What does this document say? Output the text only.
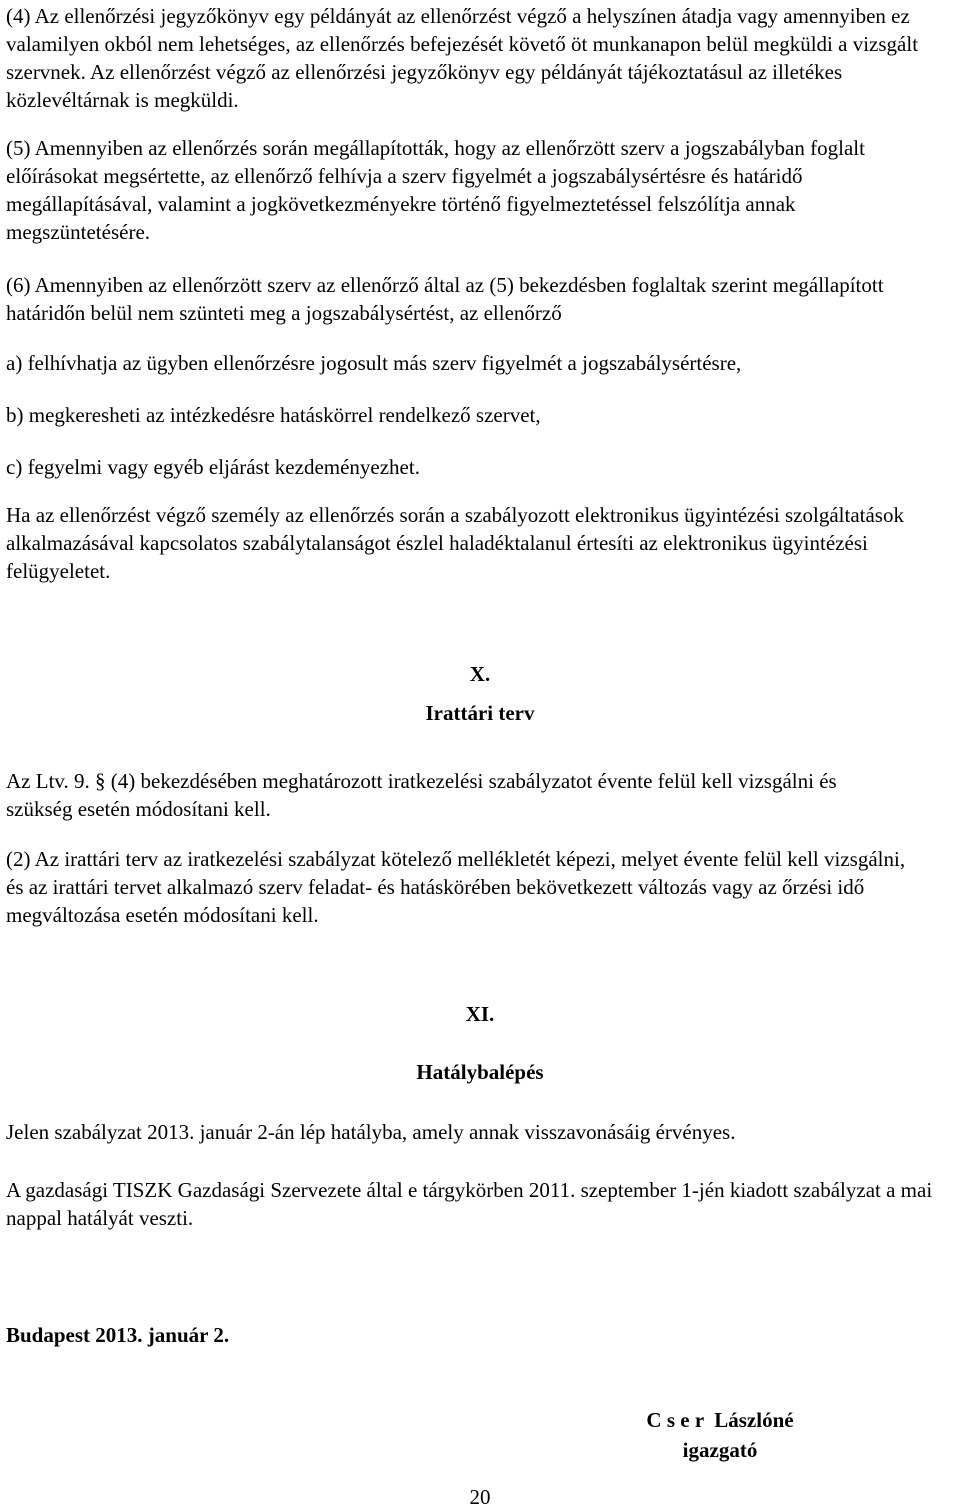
(4) Az ellenőrzési jegyzőkönyv egy példányát az ellenőrzést végző a helyszínen átadja vagy amennyiben ez valamilyen okból nem lehetséges, az ellenőrzés befejezését követő öt munkanapon belül megküldi a vizsgált szervnek. Az ellenőrzést végző az ellenőrzési jegyzőkönyv egy példányát tájékoztatásul az illetékes közlevéltárnak is megküldi.

(5) Amennyiben az ellenőrzés során megállapították, hogy az ellenőrzött szerv a jogszabályban foglalt előírásokat megsértette, az ellenőrző felhívja a szerv figyelmét a jogszabálysértésre és határidő megállapításával, valamint a jogkövetkezményekre történő figyelmeztetéssel felszólítja annak megszüntetésére.

(6) Amennyiben az ellenőrzött szerv az ellenőrző által az (5) bekezdésben foglaltak szerint megállapított határidőn belül nem szünteti meg a jogszabálysértést, az ellenőrző

a) felhívhatja az ügyben ellenőrzésre jogosult más szerv figyelmét a jogszabálysértésre,

b) megkeresheti az intézkedésre hatáskörrel rendelkező szervet,

c) fegyelmi vagy egyéb eljárást kezdeményezhet.

Ha az ellenőrzést végző személy az ellenőrzés során a szabályozott elektronikus ügyintézési szolgáltatások alkalmazásával kapcsolatos szabálytalanságot észlel haladéktalanul értesíti az elektronikus ügyintézési felügyeletet.

X.

Irattári terv

Az Ltv. 9. § (4) bekezdésében meghatározott iratkezelési szabályzatot évente felül kell vizsgálni és szükség esetén módosítani kell.

(2) Az irattári terv az iratkezelési szabályzat kötelező mellékletét képezi, melyet évente felül kell vizsgálni, és az irattári tervet alkalmazó szerv feladat- és hatáskörében bekövetkezett változás vagy az őrzési idő megváltozása esetén módosítani kell.

XI.

Hatálybalépés

Jelen szabályzat 2013. január 2-án lép hatályba, amely annak visszavonásáig érvényes.

A gazdasági TISZK Gazdasági Szervezete által e tárgykörben 2011. szeptember 1-jén kiadott szabályzat a mai nappal hatályát veszti.

Budapest 2013. január 2.

C s e r  Lászlóné
igazgató
20
